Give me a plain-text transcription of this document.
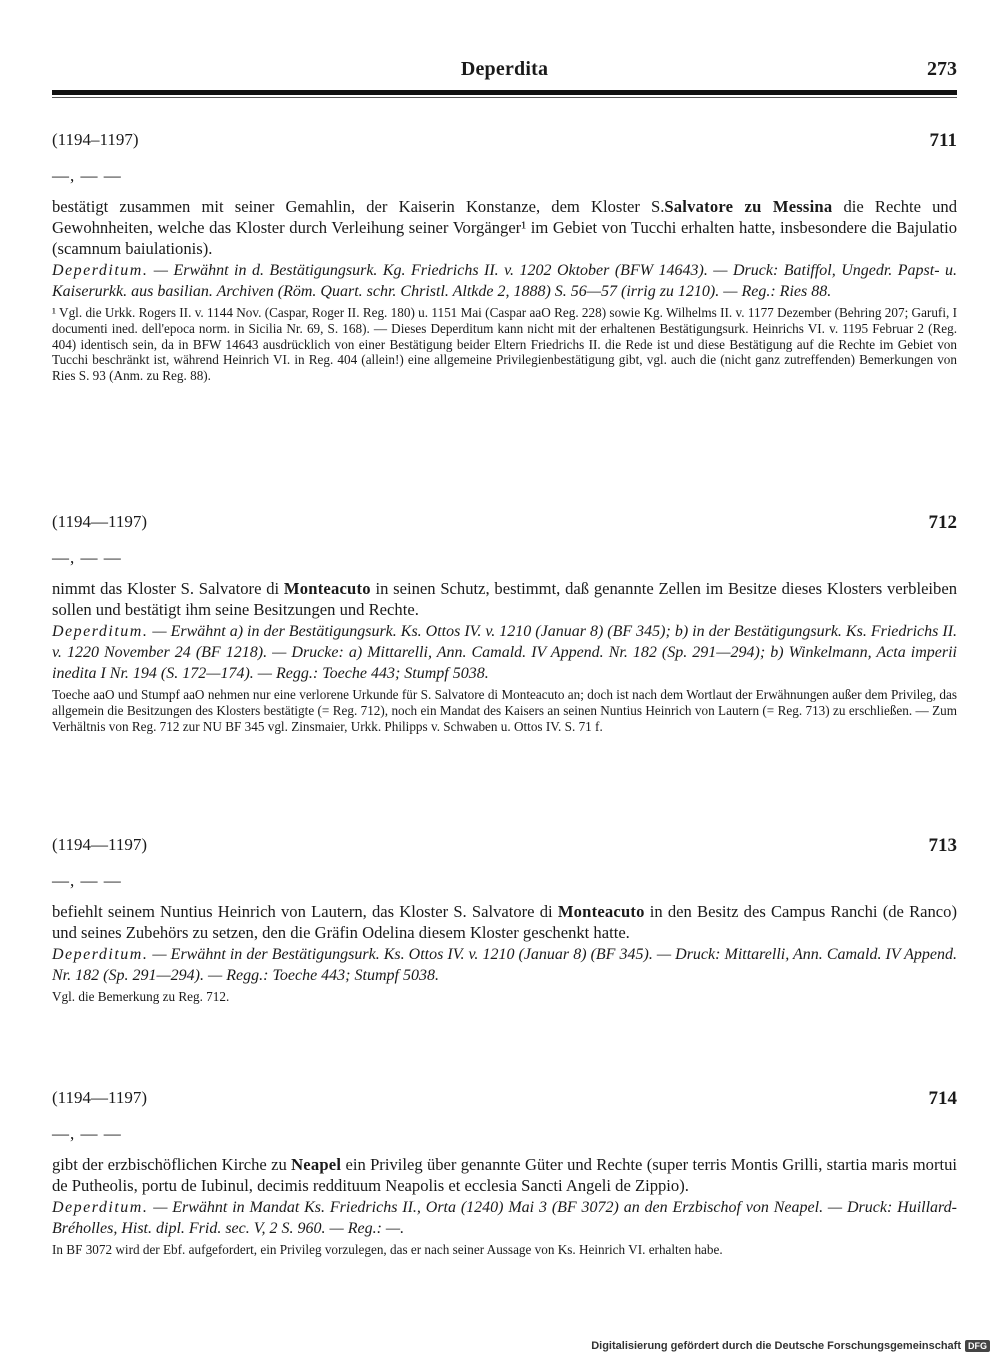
Deperdita	273
(1194–1197)	711
—, — —
bestätigt zusammen mit seiner Gemahlin, der Kaiserin Konstanze, dem Kloster S.Salvatore zu Messina die Rechte und Gewohnheiten, welche das Kloster durch Verleihung seiner Vorgänger¹ im Gebiet von Tucchi erhalten hatte, insbesondere die Bajulatio (scamnum baiulationis).
Deperditum. — Erwähnt in d. Bestätigungsurk. Kg. Friedrichs II. v. 1202 Oktober (BFW 14643). — Druck: Batiffol, Ungedr. Papst- u. Kaiserurkk. aus basilian. Archiven (Röm. Quart. schr. Christl. Altkde 2, 1888) S. 56—57 (irrig zu 1210). — Reg.: Ries 88.
¹ Vgl. die Urkk. Rogers II. v. 1144 Nov. (Caspar, Roger II. Reg. 180) u. 1151 Mai (Caspar aaO Reg. 228) sowie Kg. Wilhelms II. v. 1177 Dezember (Behring 207; Garufi, I documenti ined. dell'epoca norm. in Sicilia Nr. 69, S. 168). — Dieses Deperditum kann nicht mit der erhaltenen Bestätigungsurk. Heinrichs VI. v. 1195 Februar 2 (Reg. 404) identisch sein, da in BFW 14643 ausdrücklich von einer Bestätigung beider Eltern Friedrichs II. die Rede ist und diese Bestätigung auf die Rechte im Gebiet von Tucchi beschränkt ist, während Heinrich VI. in Reg. 404 (allein!) eine allgemeine Privilegienbestätigung gibt, vgl. auch die (nicht ganz zutreffenden) Bemerkungen von Ries S. 93 (Anm. zu Reg. 88).
(1194—1197)	712
—, — —
nimmt das Kloster S. Salvatore di Monteacuto in seinen Schutz, bestimmt, daß genannte Zellen im Besitze dieses Klosters verbleiben sollen und bestätigt ihm seine Besitzungen und Rechte.
Deperditum. — Erwähnt a) in der Bestätigungsurk. Ks. Ottos IV. v. 1210 (Januar 8) (BF 345); b) in der Bestätigungsurk. Ks. Friedrichs II. v. 1220 November 24 (BF 1218). — Drucke: a) Mittarelli, Ann. Camald. IV Append. Nr. 182 (Sp. 291—294); b) Winkelmann, Acta imperii inedita I Nr. 194 (S. 172—174). — Regg.: Toeche 443; Stumpf 5038.
Toeche aaO und Stumpf aaO nehmen nur eine verlorene Urkunde für S. Salvatore di Monteacuto an; doch ist nach dem Wortlaut der Erwähnungen außer dem Privileg, das allgemein die Besitzungen des Klosters bestätigte (= Reg. 712), noch ein Mandat des Kaisers an seinen Nuntius Heinrich von Lautern (= Reg. 713) zu erschließen. — Zum Verhältnis von Reg. 712 zur NU BF 345 vgl. Zinsmaier, Urkk. Philipps v. Schwaben u. Ottos IV. S. 71 f.
(1194—1197)	713
—, — —
befiehlt seinem Nuntius Heinrich von Lautern, das Kloster S. Salvatore di Monteacuto in den Besitz des Campus Ranchi (de Ranco) und seines Zubehörs zu setzen, den die Gräfin Odelina diesem Kloster geschenkt hatte.
Deperditum. — Erwähnt in der Bestätigungsurk. Ks. Ottos IV. v. 1210 (Januar 8) (BF 345). — Druck: Mittarelli, Ann. Camald. IV Append. Nr. 182 (Sp. 291—294). — Regg.: Toeche 443; Stumpf 5038.
Vgl. die Bemerkung zu Reg. 712.
(1194—1197)	714
—, — —
gibt der erzbischöflichen Kirche zu Neapel ein Privileg über genannte Güter und Rechte (super terris Montis Grilli, startia maris mortui de Putheolis, portu de Iubinul, decimis reddituum Neapolis et ecclesia Sancti Angeli de Zippio).
Deperditum. — Erwähnt in Mandat Ks. Friedrichs II., Orta (1240) Mai 3 (BF 3072) an den Erzbischof von Neapel. — Druck: Huillard-Bréholles, Hist. dipl. Frid. sec. V, 2 S. 960. — Reg.: —.
In BF 3072 wird der Ebf. aufgefordert, ein Privileg vorzulegen, das er nach seiner Aussage von Ks. Heinrich VI. erhalten habe.
Digitalisierung gefördert durch die Deutsche Forschungsgemeinschaft DFG
